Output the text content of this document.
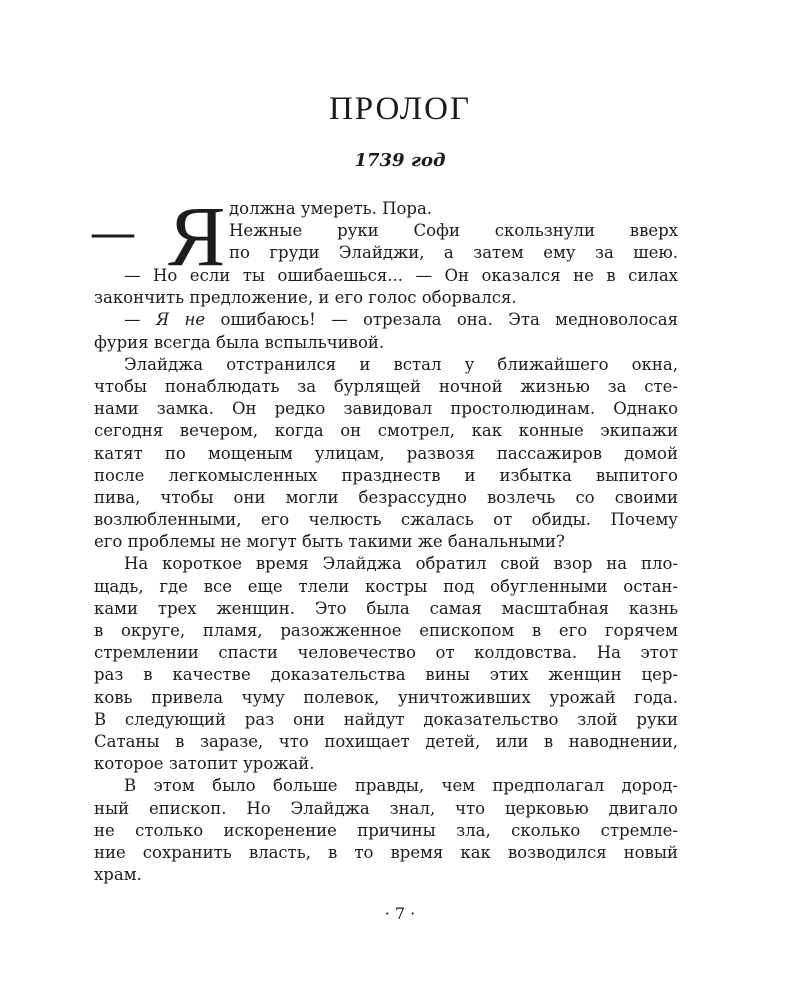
ПРОЛОГ
1739 год
— Я должна умереть. Пора.
Нежные руки Софи скользнули вверх
по груди Элайджи, а затем ему за шею.
— Но если ты ошибаешься... — Он оказался не в силах
закончить предложение, и его голос оборвался.
— Я не ошибаюсь! — отрезала она. Эта медноволосая
фурия всегда была вспыльчивой.
Элайджа отстранился и встал у ближайшего окна,
чтобы понаблюдать за бурлящей ночной жизнью за сте-
нами замка. Он редко завидовал простолюдинам. Однако
сегодня вечером, когда он смотрел, как конные экипажи
катят по мощеным улицам, развозя пассажиров домой
после легкомысленных празднеств и избытка выпитого
пива, чтобы они могли безрассудно возлечь со своими
возлюбленными, его челюсть сжалась от обиды. Почему
его проблемы не могут быть такими же банальными?
На короткое время Элайджа обратил свой взор на пло-
щадь, где все еще тлели костры под обугленными остан-
ками трех женщин. Это была самая масштабная казнь
в округе, пламя, разожженное епископом в его горячем
стремлении спасти человечество от колдовства. На этот
раз в качестве доказательства вины этих женщин цер-
ковь привела чуму полевок, уничтоживших урожай года.
В следующий раз они найдут доказательство злой руки
Сатаны в заразе, что похищает детей, или в наводнении,
которое затопит урожай.
В этом было больше правды, чем предполагал дород-
ный епископ. Но Элайджа знал, что церковью двигало
не столько искоренение причины зла, сколько стремле-
ние сохранить власть, в то время как возводился новый
храм.
· 7 ·
